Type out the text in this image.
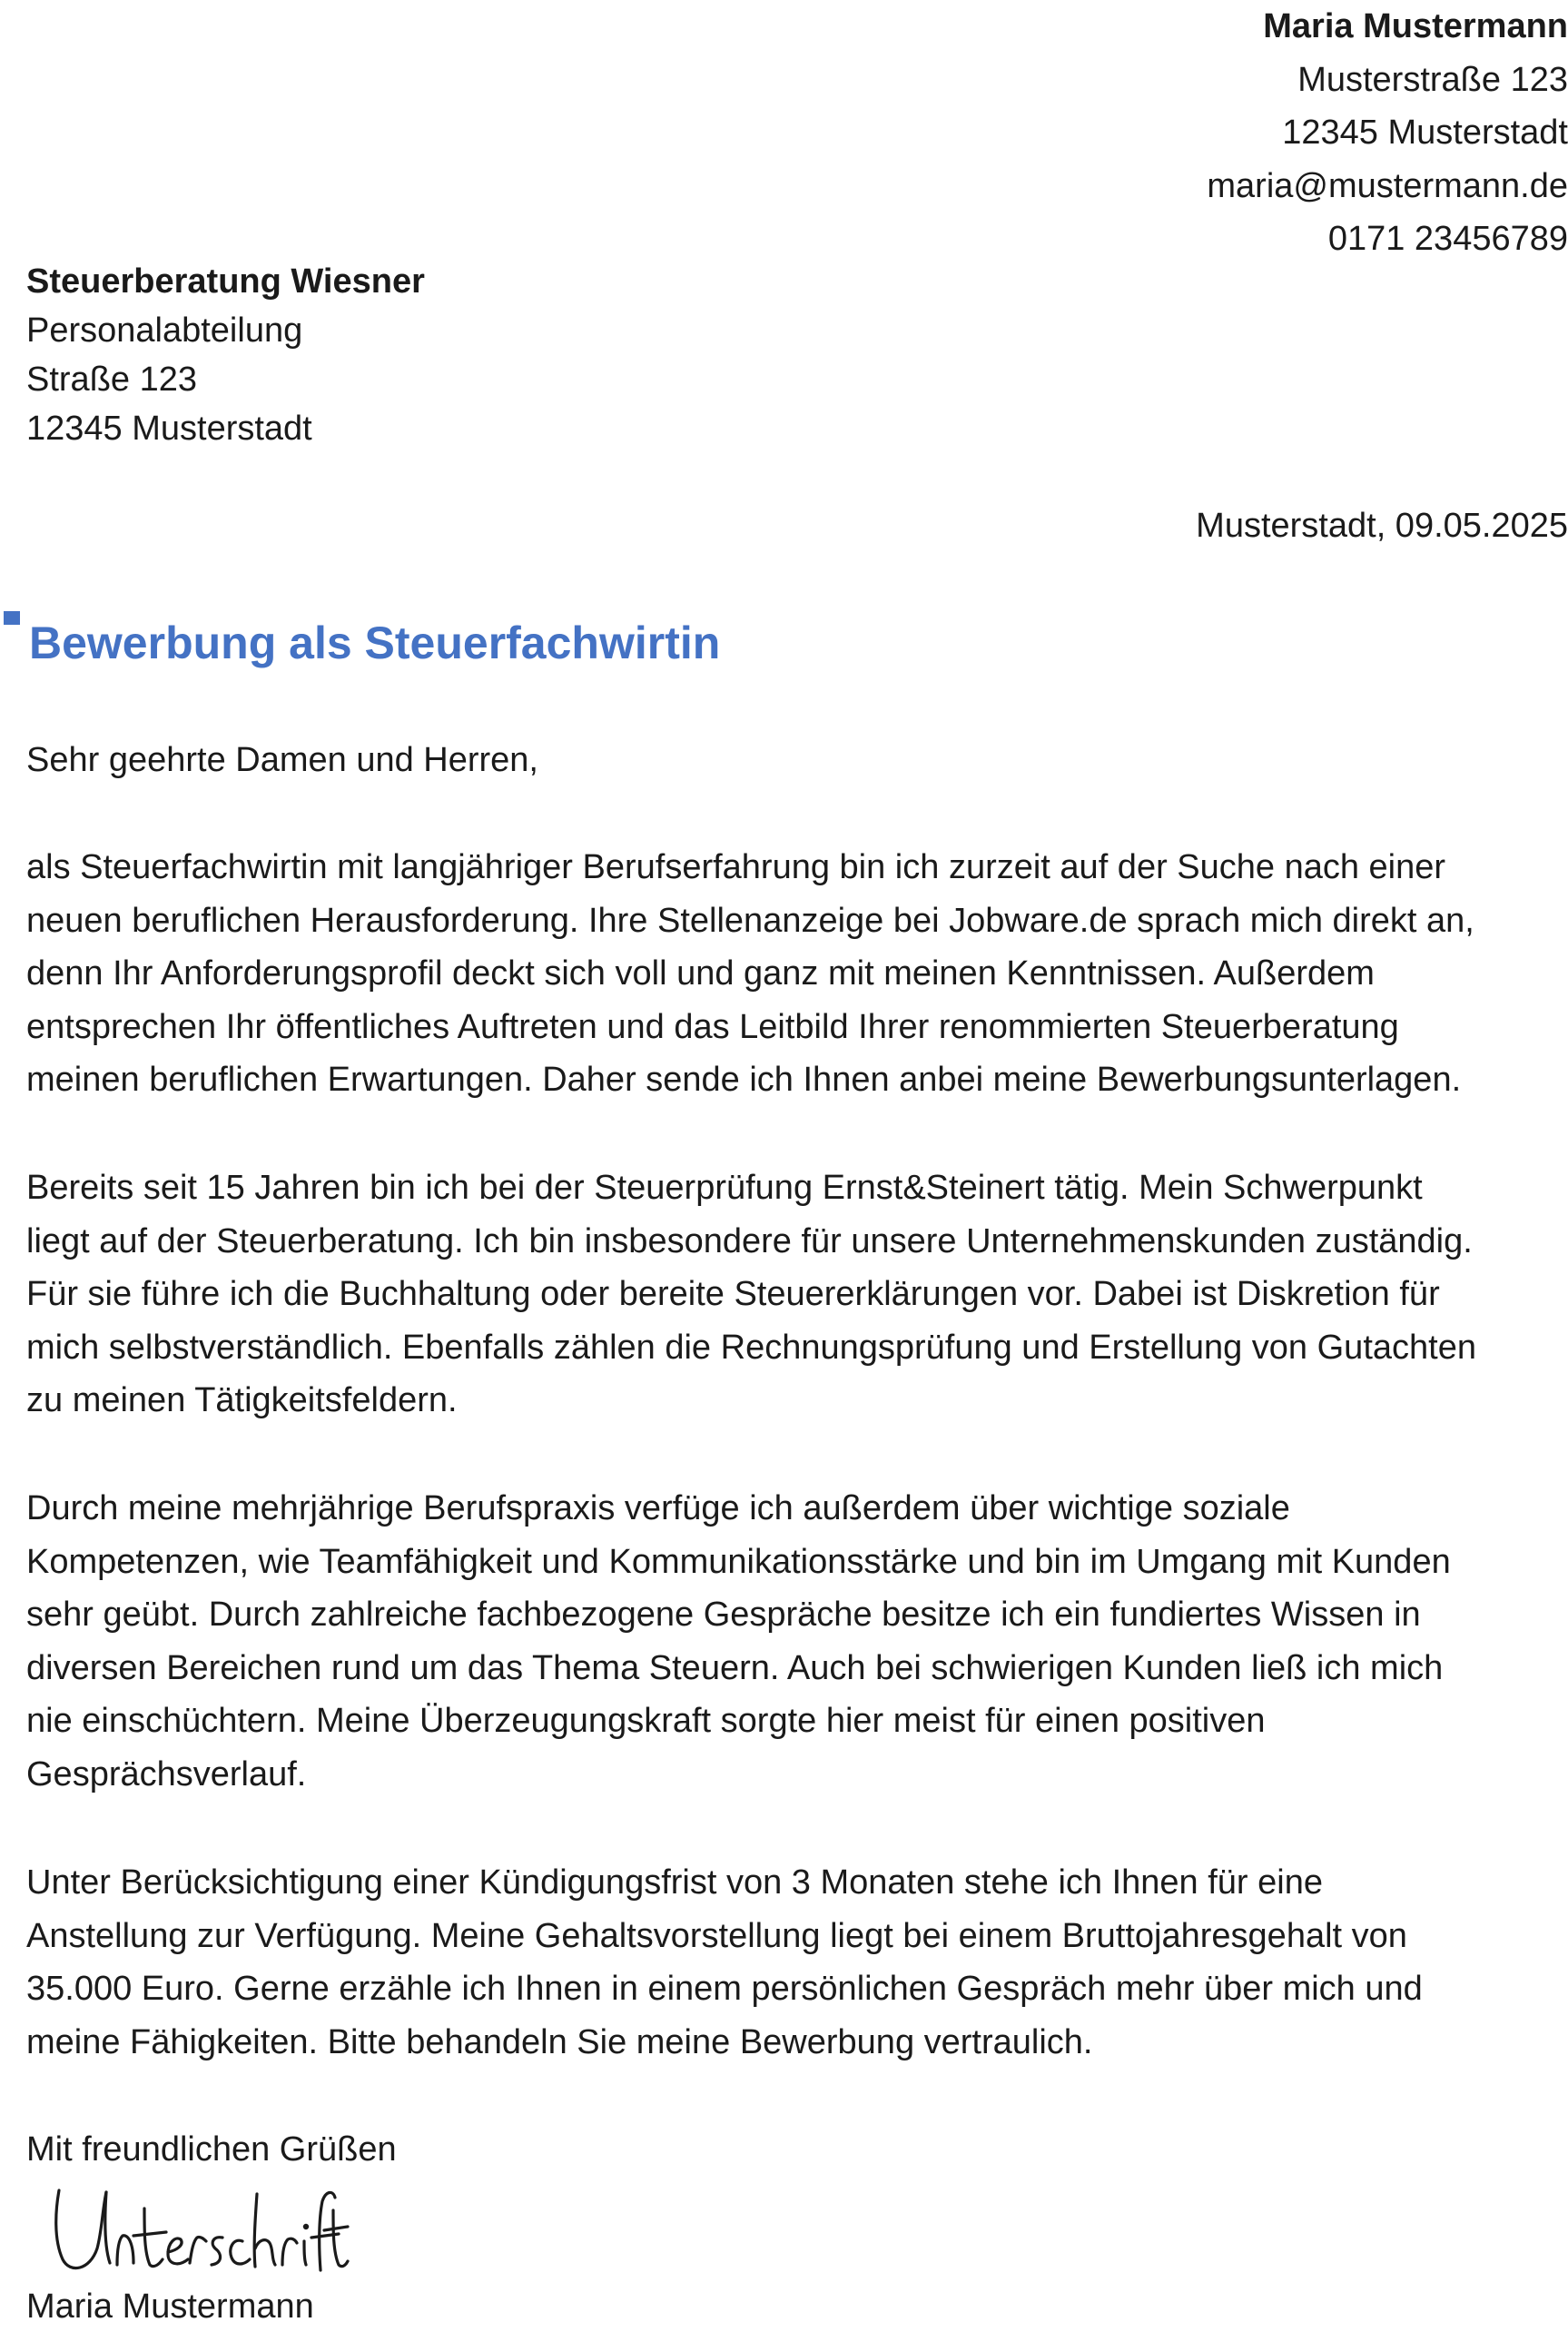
Maria Mustermann
Musterstraße 123
12345 Musterstadt
maria@mustermann.de
0171 23456789
Steuerberatung Wiesner
Personalabteilung
Straße 123
12345 Musterstadt
Musterstadt, 09.05.2025
Bewerbung als Steuerfachwirtin
Sehr geehrte Damen und Herren,

als Steuerfachwirtin mit langjähriger Berufserfahrung bin ich zurzeit auf der Suche nach einer
neuen beruflichen Herausforderung. Ihre Stellenanzeige bei Jobware.de sprach mich direkt an,
denn Ihr Anforderungsprofil deckt sich voll und ganz mit meinen Kenntnissen. Außerdem
entsprechen Ihr öffentliches Auftreten und das Leitbild Ihrer renommierten Steuerberatung
meinen beruflichen Erwartungen. Daher sende ich Ihnen anbei meine Bewerbungsunterlagen.

Bereits seit 15 Jahren bin ich bei der Steuerprüfung Ernst&Steinert tätig. Mein Schwerpunkt
liegt auf der Steuerberatung. Ich bin insbesondere für unsere Unternehmenskunden zuständig.
Für sie führe ich die Buchhaltung oder bereite Steuererklärungen vor. Dabei ist Diskretion für
mich selbstverständlich. Ebenfalls zählen die Rechnungsprüfung und Erstellung von Gutachten
zu meinen Tätigkeitsfeldern.

Durch meine mehrjährige Berufspraxis verfüge ich außerdem über wichtige soziale
Kompetenzen, wie Teamfähigkeit und Kommunikationsstärke und bin im Umgang mit Kunden
sehr geübt. Durch zahlreiche fachbezogene Gespräche besitze ich ein fundiertes Wissen in
diversen Bereichen rund um das Thema Steuern. Auch bei schwierigen Kunden ließ ich mich
nie einschüchtern. Meine Überzeugungskraft sorgte hier meist für einen positiven
Gesprächsverlauf.

Unter Berücksichtigung einer Kündigungsfrist von 3 Monaten stehe ich Ihnen für eine
Anstellung zur Verfügung. Meine Gehaltsvorstellung liegt bei einem Bruttojahresgehalt von
35.000 Euro. Gerne erzähle ich Ihnen in einem persönlichen Gespräch mehr über mich und
meine Fähigkeiten. Bitte behandeln Sie meine Bewerbung vertraulich.

Mit freundlichen Grüßen
Maria Mustermann
